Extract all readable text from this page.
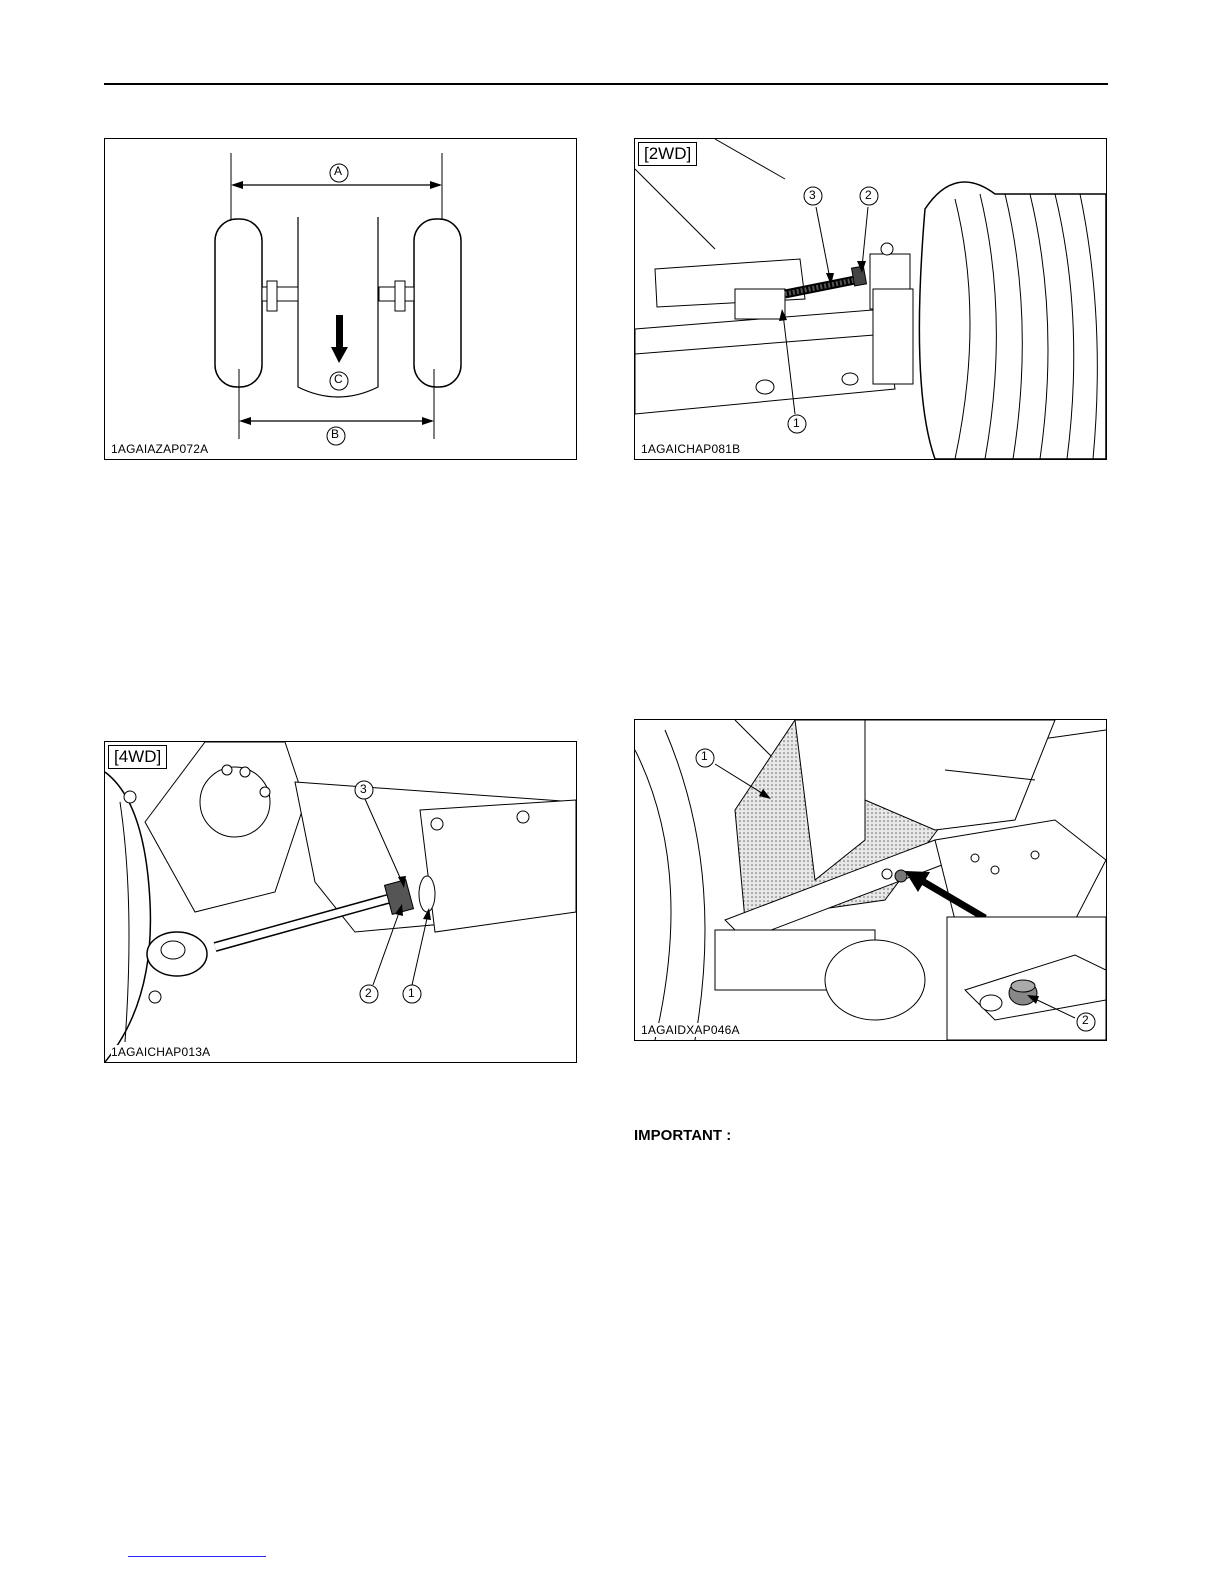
A
C
B
1AGAIAZAP072A
[2WD]
3	2
1
1AGAICHAP081B
[4WD]
3
2	1
1AGAICHAP013A
1
2
1AGAIDXAP046A
IMPORTANT :
